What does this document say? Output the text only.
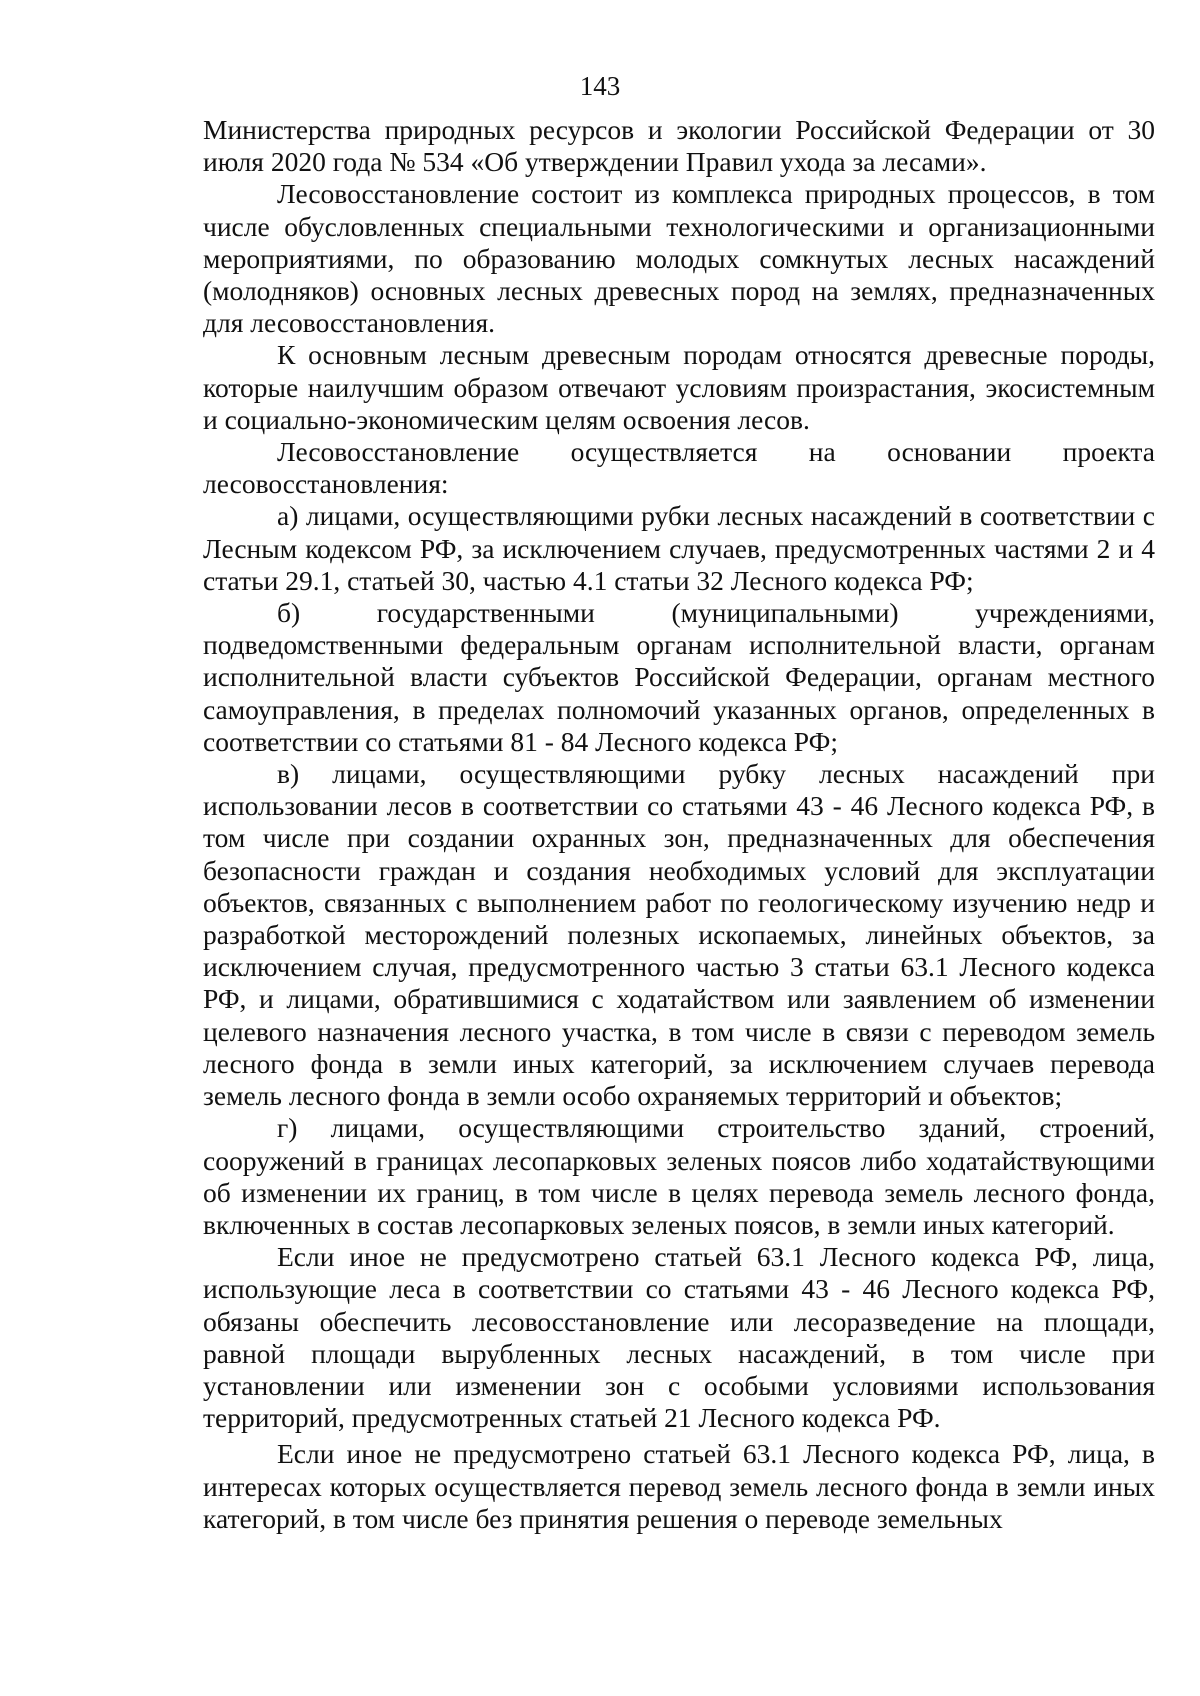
143

Министерства природных ресурсов и экологии Российской Федерации от 30 июля 2020 года № 534 «Об утверждении Правил ухода за лесами».

Лесовосстановление состоит из комплекса природных процессов, в том числе обусловленных специальными технологическими и организационными мероприятиями, по образованию молодых сомкнутых лесных насаждений (молодняков) основных лесных древесных пород на землях, предназначенных для лесовосстановления.

К основным лесным древесным породам относятся древесные породы, которые наилучшим образом отвечают условиям произрастания, экосистемным и социально-экономическим целям освоения лесов.

Лесовосстановление осуществляется на основании проекта лесовосстановления:

а) лицами, осуществляющими рубки лесных насаждений в соответствии с Лесным кодексом РФ, за исключением случаев, предусмотренных частями 2 и 4 статьи 29.1, статьей 30, частью 4.1 статьи 32 Лесного кодекса РФ;

б) государственными (муниципальными) учреждениями, подведомственными федеральным органам исполнительной власти, органам исполнительной власти субъектов Российской Федерации, органам местного самоуправления, в пределах полномочий указанных органов, определенных в соответствии со статьями 81 - 84 Лесного кодекса РФ;

в) лицами, осуществляющими рубку лесных насаждений при использовании лесов в соответствии со статьями 43 - 46 Лесного кодекса РФ, в том числе при создании охранных зон, предназначенных для обеспечения безопасности граждан и создания необходимых условий для эксплуатации объектов, связанных с выполнением работ по геологическому изучению недр и разработкой месторождений полезных ископаемых, линейных объектов, за исключением случая, предусмотренного частью 3 статьи 63.1 Лесного кодекса РФ, и лицами, обратившимися с ходатайством или заявлением об изменении целевого назначения лесного участка, в том числе в связи с переводом земель лесного фонда в земли иных категорий, за исключением случаев перевода земель лесного фонда в земли особо охраняемых территорий и объектов;

г) лицами, осуществляющими строительство зданий, строений, сооружений в границах лесопарковых зеленых поясов либо ходатайствующими об изменении их границ, в том числе в целях перевода земель лесного фонда, включенных в состав лесопарковых зеленых поясов, в земли иных категорий.

Если иное не предусмотрено статьей 63.1 Лесного кодекса РФ, лица, использующие леса в соответствии со статьями 43 - 46 Лесного кодекса РФ, обязаны обеспечить лесовосстановление или лесоразведение на площади, равной площади вырубленных лесных насаждений, в том числе при установлении или изменении зон с особыми условиями использования территорий, предусмотренных статьей 21 Лесного кодекса РФ.

Если иное не предусмотрено статьей 63.1 Лесного кодекса РФ, лица, в интересах которых осуществляется перевод земель лесного фонда в земли иных категорий, в том числе без принятия решения о переводе земельных
